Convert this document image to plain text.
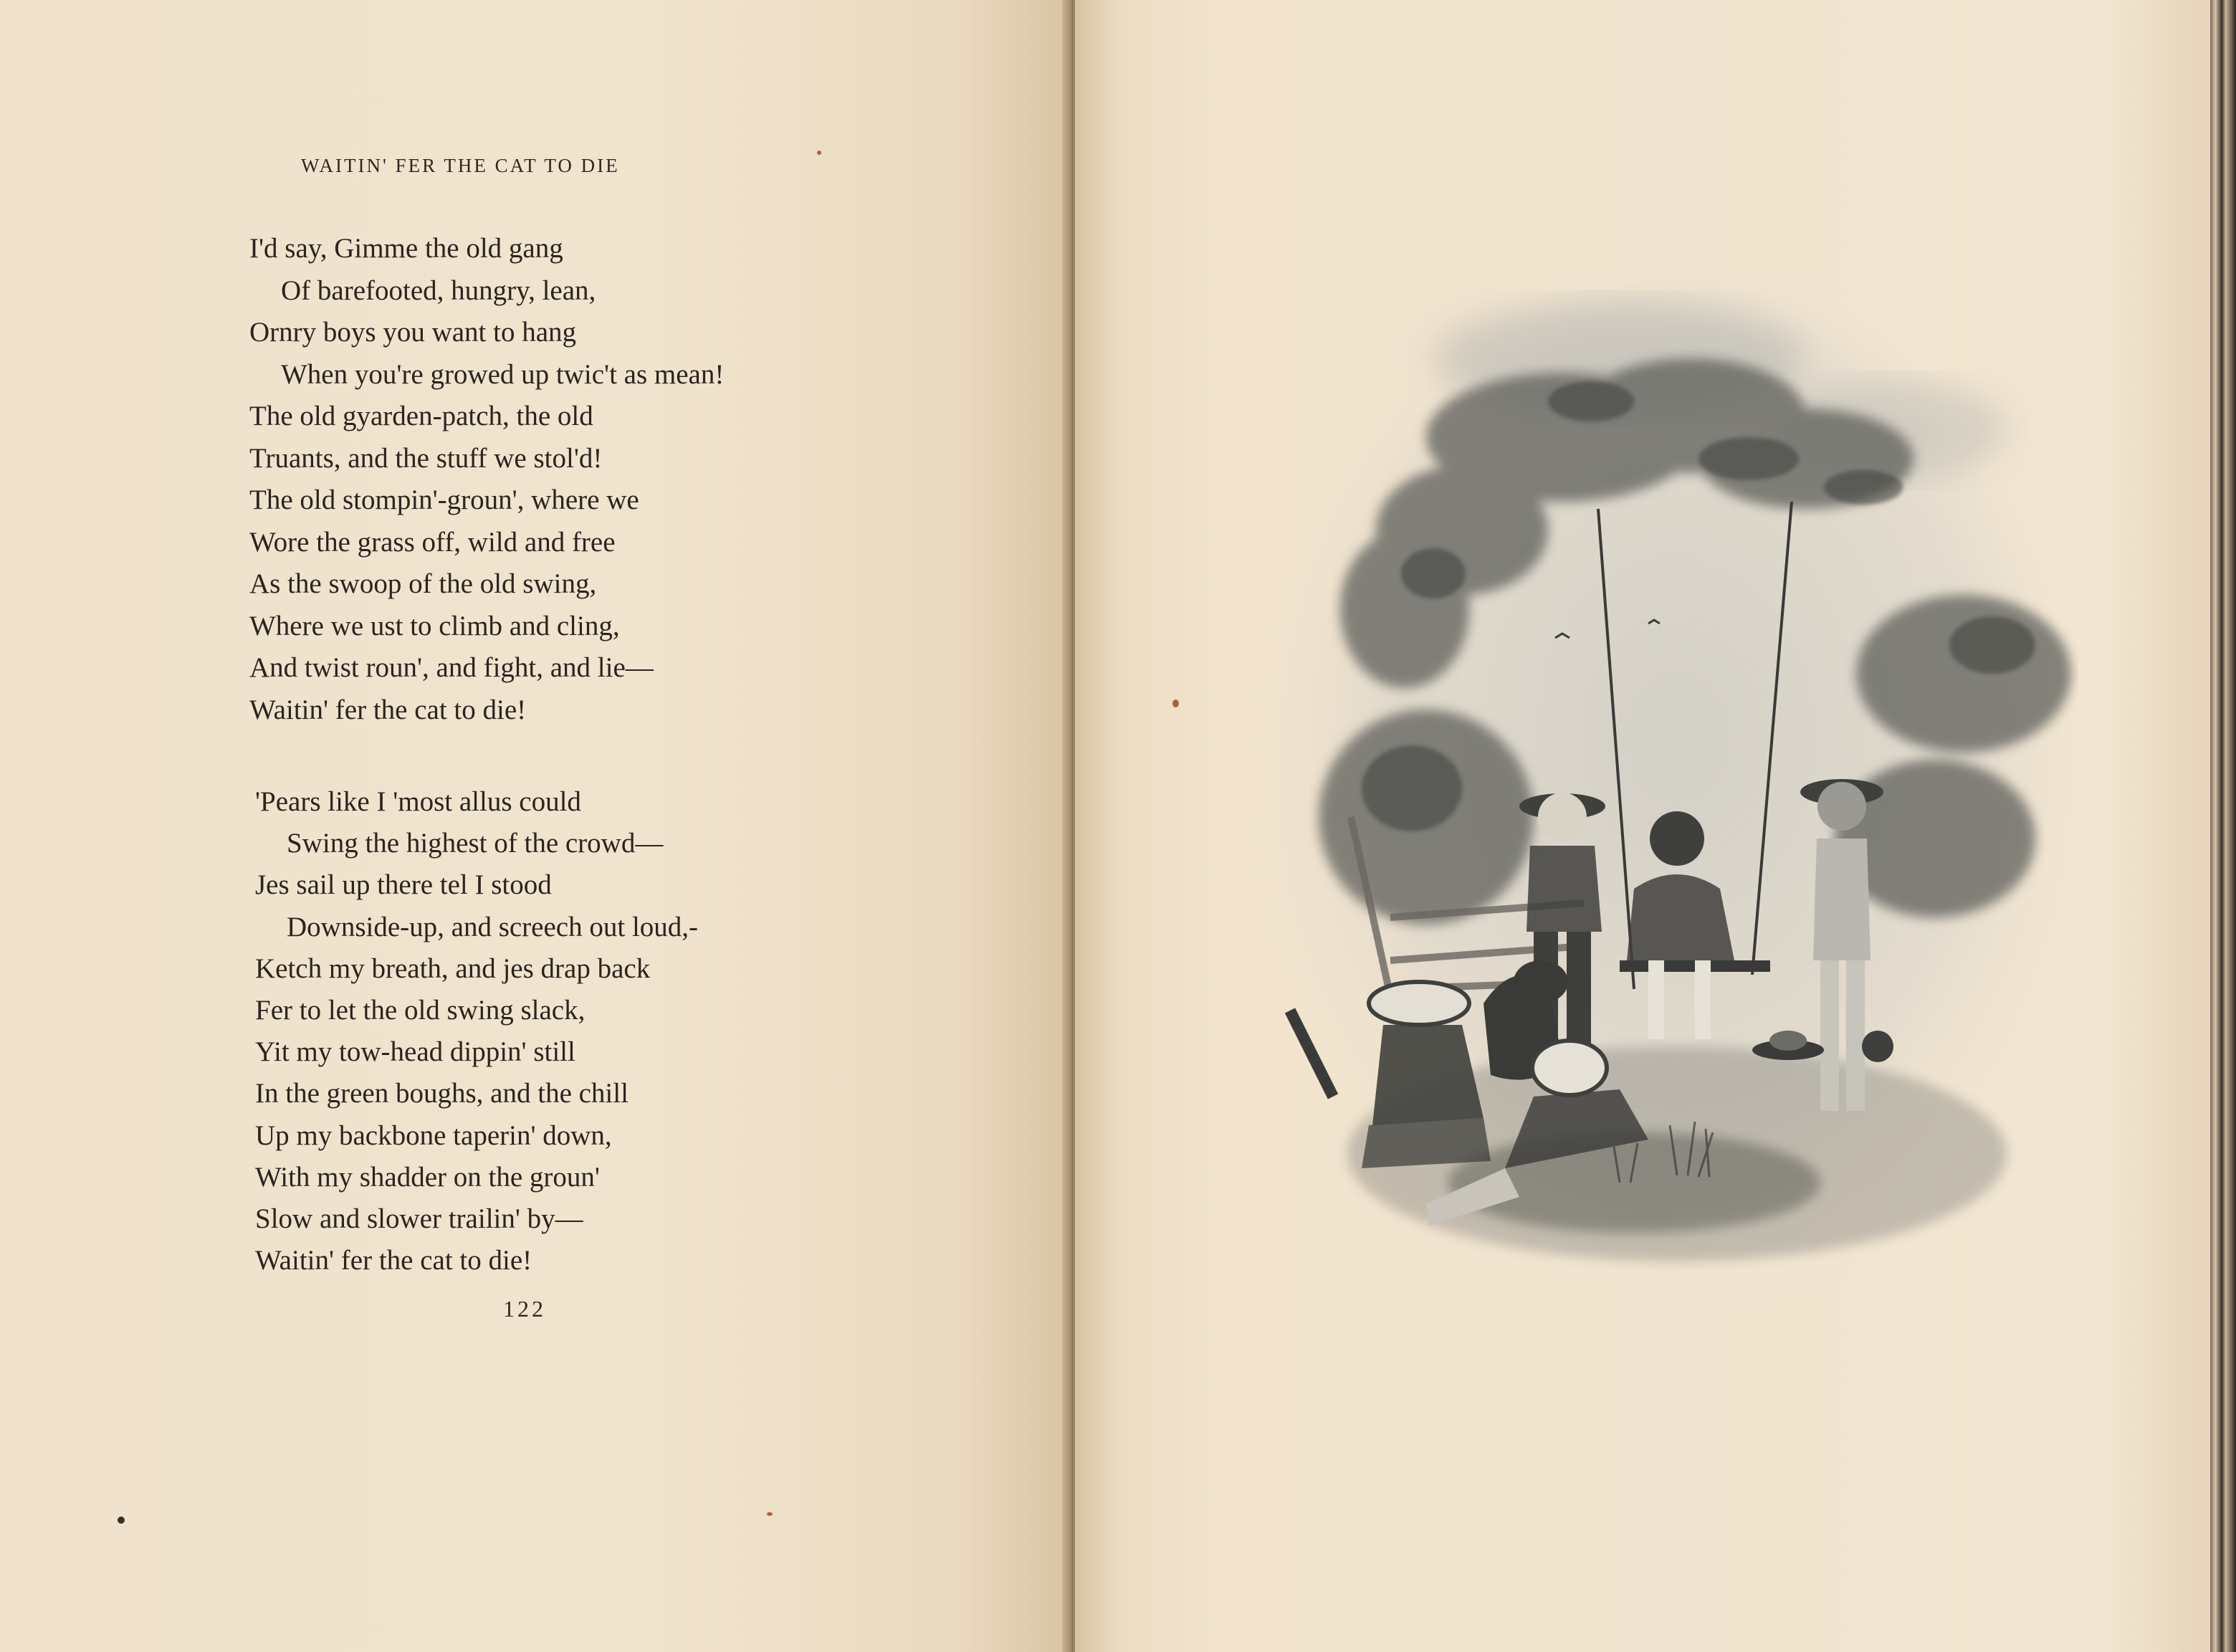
WAITIN' FER THE CAT TO DIE
I'd say, Gimme the old gang
Of barefooted, hungry, lean,
Ornry boys you want to hang
When you're growed up twic't as mean!
The old gyarden-patch, the old
Truants, and the stuff we stol'd!
The old stompin'-groun', where we
Wore the grass off, wild and free
As the swoop of the old swing,
Where we ust to climb and cling,
And twist roun', and fight, and lie—
Waitin' fer the cat to die!
'Pears like I 'most allus could
Swing the highest of the crowd—
Jes sail up there tel I stood
Downside-up, and screech out loud,-
Ketch my breath, and jes drap back
Fer to let the old swing slack,
Yit my tow-head dippin' still
In the green boughs, and the chill
Up my backbone taperin' down,
With my shadder on the groun'
Slow and slower trailin' by—
Waitin' fer the cat to die!
122
